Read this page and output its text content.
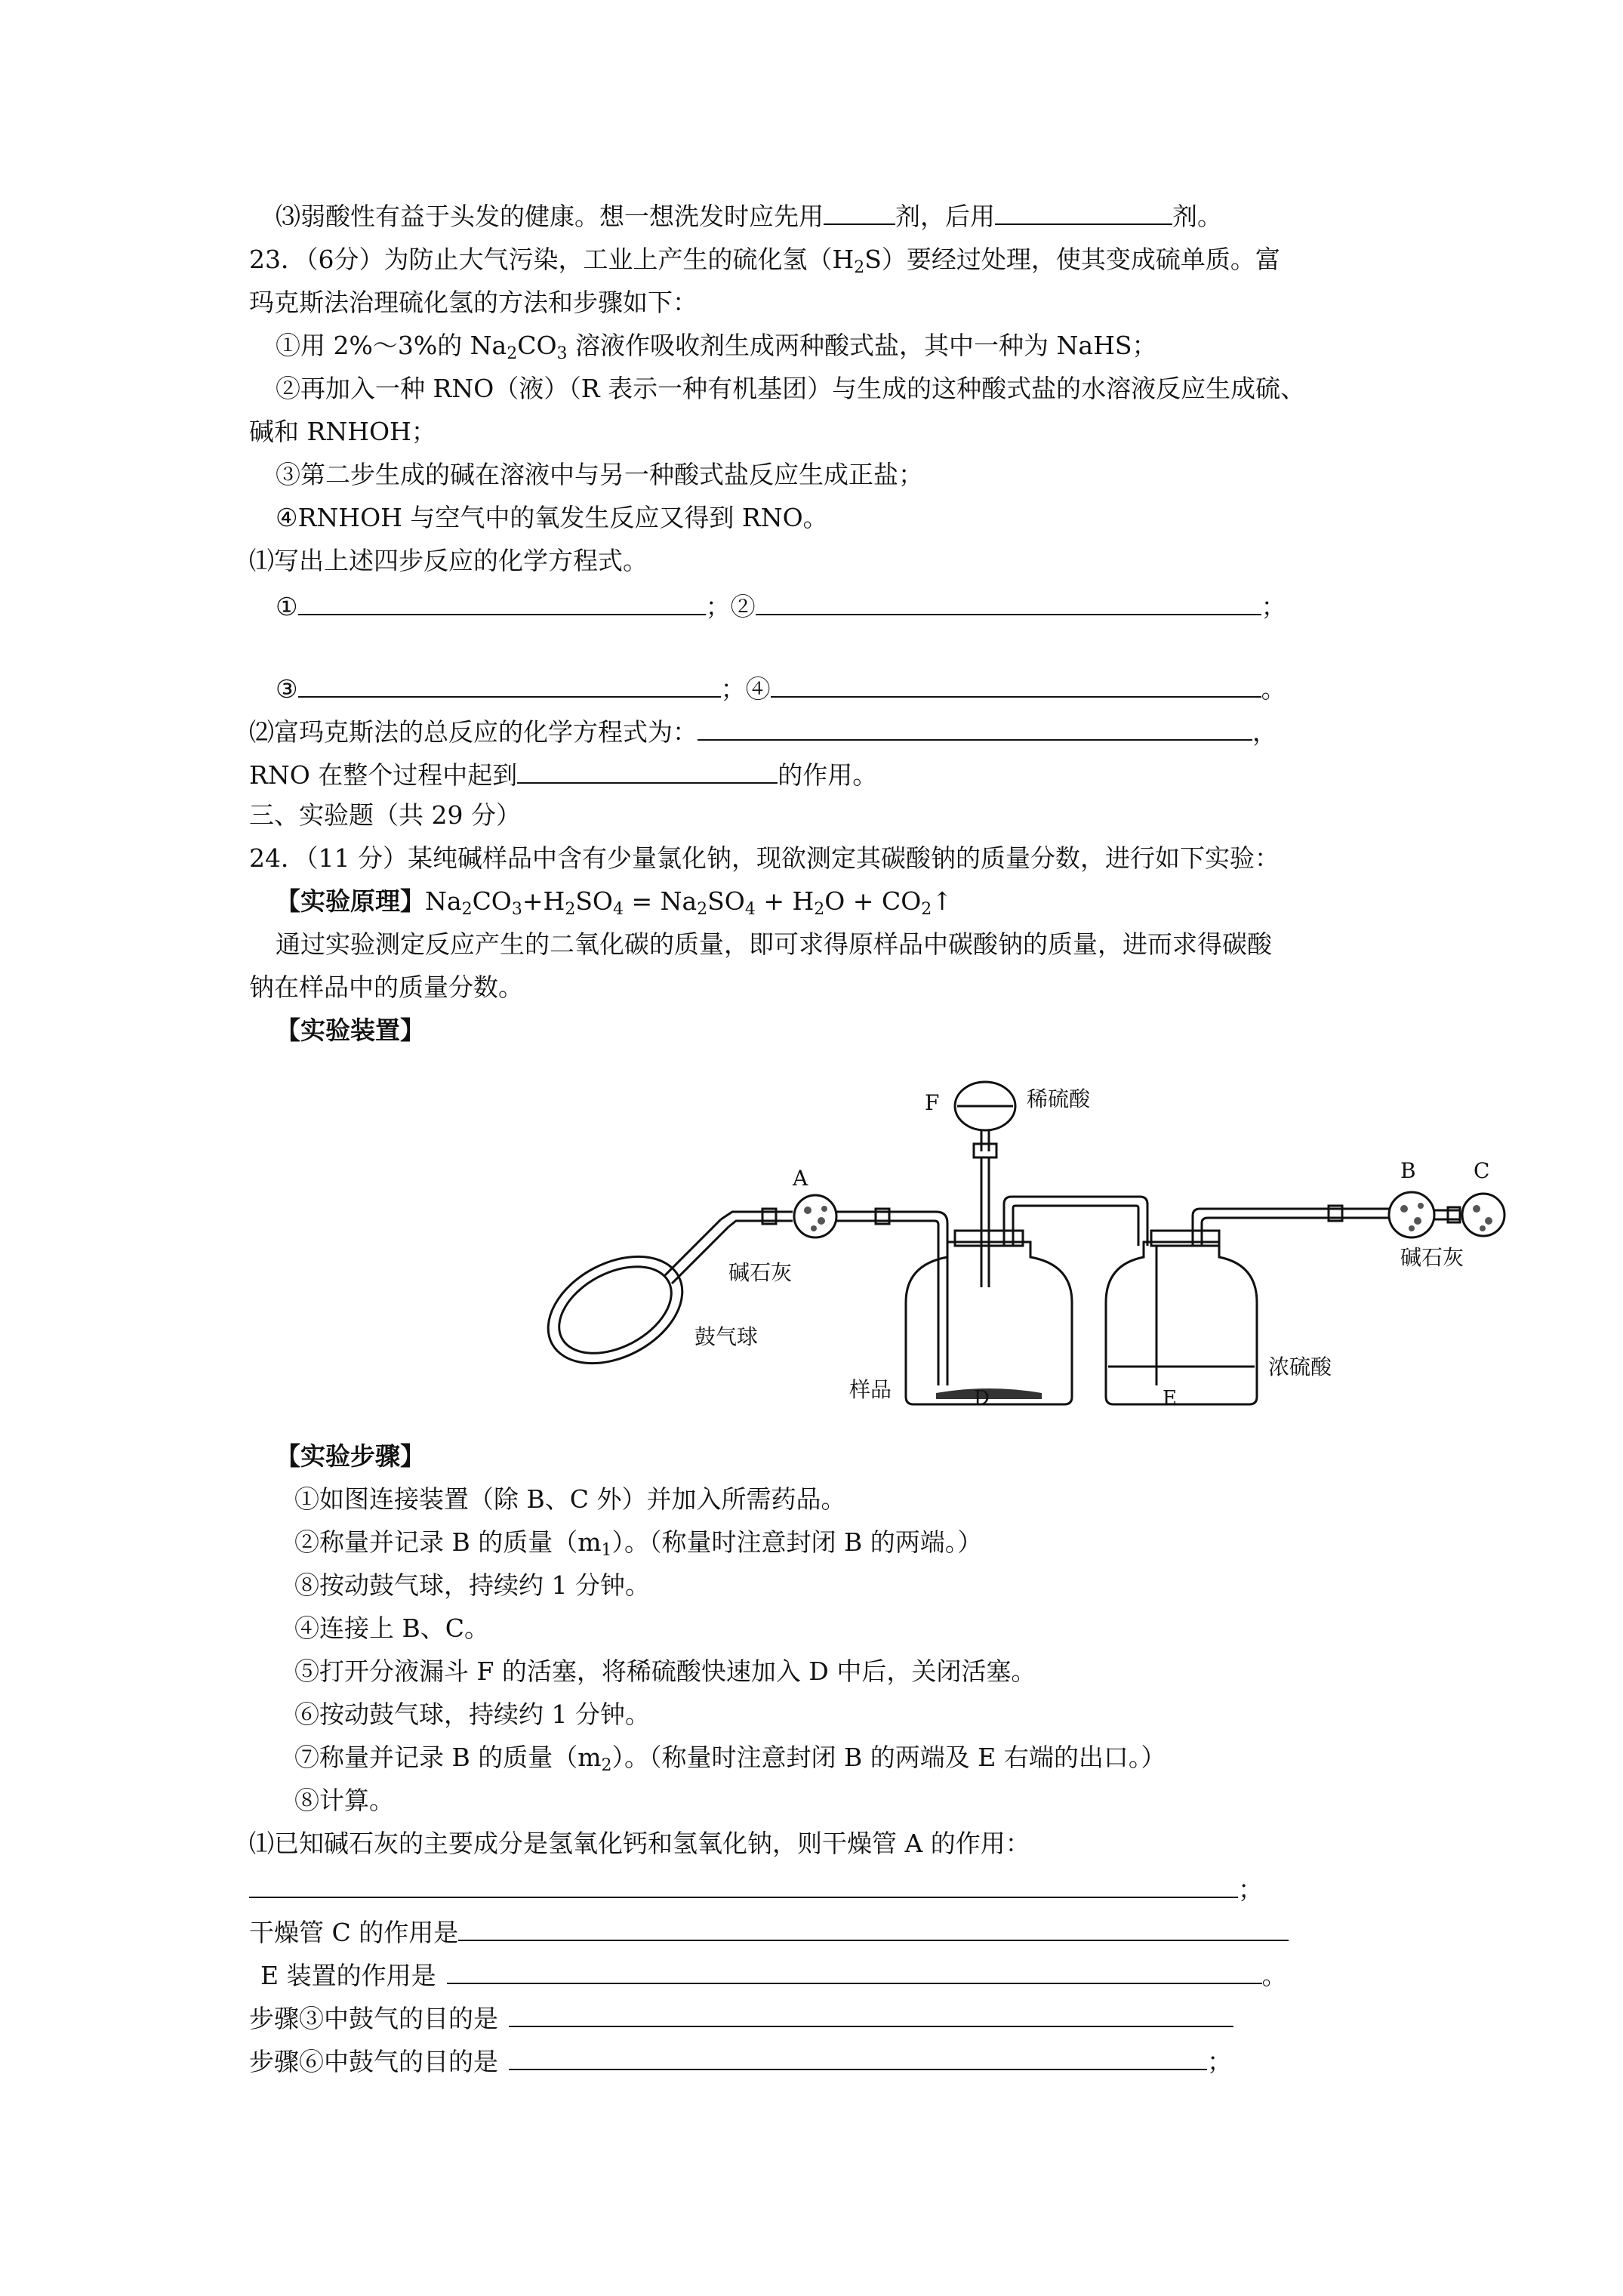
⑶弱酸性有益于头发的健康。想一想洗发时应先用	剂，后用	剂。
23．（6分）为防止大气污染，工业上产生的硫化氢$(H_2S)$要经过处理，使其变成硫单质。富
玛克斯法治理硫化氢的方法和步骤如下：
①用 2%～3%的 $Na_2CO_3$ 溶液作吸收剂生成两种酸式盐，其中一种为 NaHS；
②再加入一种 RNO（液）（R 表示一种有机基团）与生成的这种酸式盐的水溶液反应生成硫、
碱和 RNHOH；
③第二步生成的碱在溶液中与另一种酸式盐反应生成正盐；
④RNHOH 与空气中的氧发生反应又得到 RNO。
⑴写出上述四步反应的化学方程式。
①	；②	；
③	；④	。
⑵富玛克斯法的总反应的化学方程式为：	，
RNO 在整个过程中起到	的作用。
三、实验题（共 29 分）
24．（11 分）某纯碱样品中含有少量氯化钠，现欲测定其碳酸钠的质量分数，进行如下实验：
【实验原理】$Na_2CO_3+H_2SO_4 = Na_2SO_4 + H_2O$ + $CO_2↑$
通过实验测定反应产生的二氧化碳的质量，即可求得原样品中碳酸钠的质量，进而求得碳酸
钠在样品中的质量分数。
【实验装置】
F	稀硫酸
A	B	C
D	E
碱石灰
碱石灰
鼓气球
样品
浓硫酸
【实验步骤】
①如图连接装置（除 B、C 外）并加入所需药品。
②称量并记录 B 的质量$(m_1)$。（称量时注意封闭 B 的两端。）
⑧按动鼓气球，持续约 1 分钟。
④连接上 B、C。
⑤打开分液漏斗 F 的活塞，将稀硫酸快速加入 D 中后，关闭活塞。
⑥按动鼓气球，持续约 1 分钟。
⑦称量并记录 B 的质量$(m_2)$。（称量时注意封闭 B 的两端及 E 右端的出口。）
⑧计算。
⑴已知碱石灰的主要成分是氢氧化钙和氢氧化钠，则干燥管 A 的作用：
；
干燥管 C 的作用是
E 装置的作用是	。
步骤③中鼓气的目的是
步骤⑥中鼓气的目的是	；
